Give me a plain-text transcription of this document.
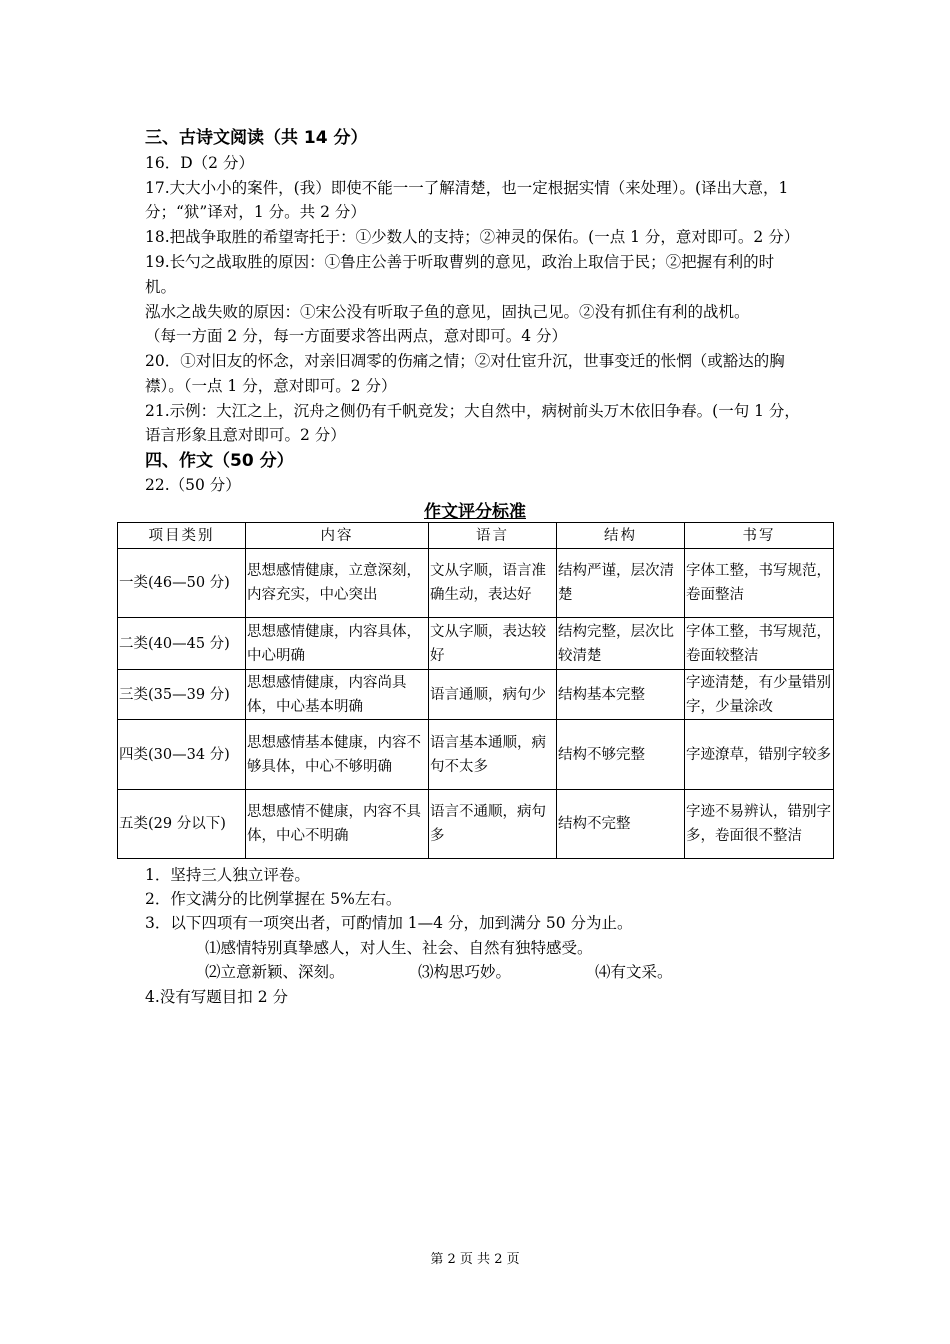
三、古诗文阅读（共 14 分）
16．D（2 分）
17.大大小小的案件，(我）即使不能一一了解清楚，也一定根据实情（来处理）。(译出大意，1
分；“狱”译对，1 分。共 2 分）
18.把战争取胜的希望寄托于：①少数人的支持；②神灵的保佑。(一点 1 分，意对即可。2 分）
19.长勺之战取胜的原因：①鲁庄公善于听取曹刿的意见，政治上取信于民；②把握有利的时
机。
泓水之战失败的原因：①宋公没有听取子鱼的意见，固执己见。②没有抓住有利的战机。
（每一方面 2 分，每一方面要求答出两点，意对即可。4 分）
20．①对旧友的怀念，对亲旧凋零的伤痛之情；②对仕宦升沉，世事变迁的怅惘（或豁达的胸
襟）。（一点 1 分，意对即可。2 分）
21.示例：大江之上，沉舟之侧仍有千帆竞发；大自然中，病树前头万木依旧争春。(一句 1 分，
语言形象且意对即可。2 分）
四、作文（50 分）
22.（50 分）
作文评分标准
项目类别	内容	语言	结构	书写
一类(46—50 分)	思想感情健康，立意深刻，内容充实，中心突出	文从字顺，语言准确生动，表达好	结构严谨，层次清楚	字体工整，书写规范，卷面整洁
二类(40—45 分)	思想感情健康，内容具体，中心明确	文从字顺，表达较好	结构完整，层次比较清楚	字体工整，书写规范，卷面较整洁
三类(35—39 分)	思想感情健康，内容尚具体，中心基本明确	语言通顺，病句少	结构基本完整	字迹清楚，有少量错别字，少量涂改
四类(30—34 分)	思想感情基本健康，内容不够具体，中心不够明确	语言基本通顺，病句不太多	结构不够完整	字迹潦草，错别字较多
五类(29 分以下)	思想感情不健康，内容不具体，中心不明确	语言不通顺，病句多	结构不完整	字迹不易辨认，错别字多，卷面很不整洁
1．坚持三人独立评卷。
2．作文满分的比例掌握在 5%左右。
3．以下四项有一项突出者，可酌情加 1—4 分，加到满分 50 分为止。
⑴感情特别真挚感人，对人生、社会、自然有独特感受。
⑵立意新颖、深刻。	⑶构思巧妙。	⑷有文采。
4.没有写题目扣 2 分
第 2 页 共 2 页
